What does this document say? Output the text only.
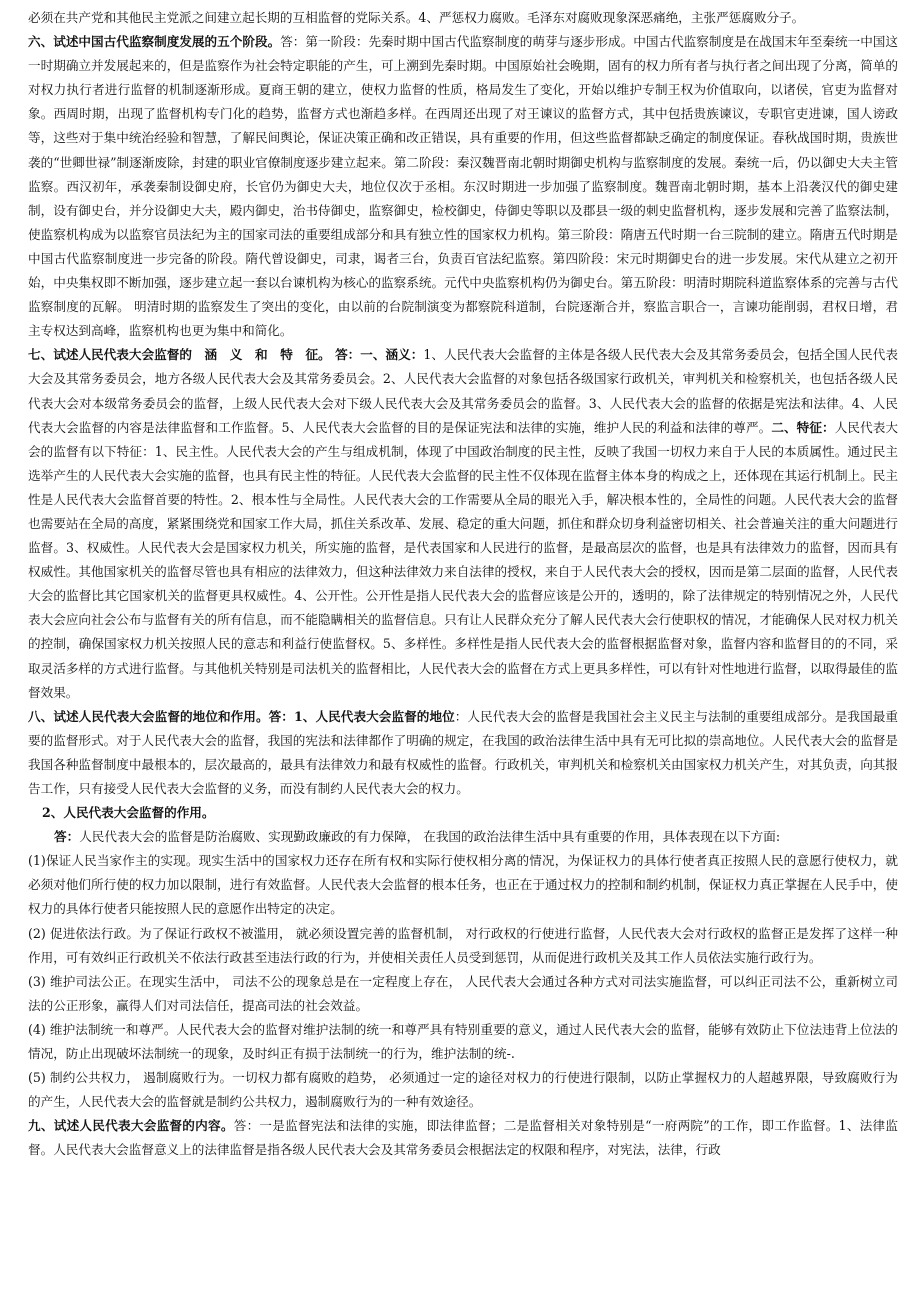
必须在共产党和其他民主党派之间建立起长期的互相监督的党际关系。4、严惩权力腐败。毛泽东对腐败现象深恶痛绝，主张严惩腐败分子。

六、试述中国古代监察制度发展的五个阶段。答：第一阶段：先秦时期中国古代监察制度的萌芽与逐步形成。中国古代监察制度是在战国末年至秦统一中国这一时期确立并发展起来的，但是监察作为社会特定职能的产生，可上溯到先秦时期。中国原始社会晚期，固有的权力所有者与执行者之间出现了分离，简单的对权力执行者进行监督的机制逐渐形成。夏商王朝的建立，使权力监督的性质，格局发生了变化，开始以维护专制王权为价值取向，以诸侯，官吏为监督对象。西周时期，出现了监督机构专门化的趋势，监督方式也渐趋多样。在西周还出现了对王谏议的监督方式，其中包括贵族谏议，专职官吏进谏，国人谤政等，这些对于集中统治经验和智慧，了解民间舆论，保证决策正确和改正错误，具有重要的作用，但这些监督都缺乏确定的制度保证。春秋战国时期，贵族世袭的“世卿世禄”制逐渐废除，封建的职业官僚制度逐步建立起来。第二阶段：秦汉魏晋南北朝时期御史机构与监察制度的发展。秦统一后，仍以御史大夫主管监察。西汉初年，承袭秦制设御史府，长官仍为御史大夫，地位仅次于丞相。东汉时期进一步加强了监察制度。魏晋南北朝时期，基本上沿袭汉代的御史建制，设有御史台，并分设御史大夫，殿内御史，治书侍御史，监察御史，检校御史，侍御史等职以及郡县一级的刺史监督机构，逐步发展和完善了监察法制，使监察机构成为以监察官员法纪为主的国家司法的重要组成部分和具有独立性的国家权力机构。第三阶段：隋唐五代时期一台三院制的建立。隋唐五代时期是中国古代监察制度进一步完备的阶段。隋代曾设御史，司隶，谒者三台，负责百官法纪监察。第四阶段：宋元时期御史台的进一步发展。宋代从建立之初开始，中央集权即不断加强，逐步建立起一套以台谏机构为核心的监察系统。元代中央监察机构仍为御史台。第五阶段：明清时期院科道监察体系的完善与古代监察制度的瓦解。 明清时期的监察发生了突出的变化，由以前的台院制演变为都察院科道制，台院逐渐合并，察监言职合一，言谏功能削弱，君权日增，君主专权达到高峰，监察机构也更为集中和简化。

七、试述人民代表大会监督的　涵　义　和　特　征。 答：一、涵义：1、人民代表大会监督的主体是各级人民代表大会及其常务委员会，包括全国人民代表大会及其常务委员会，地方各级人民代表大会及其常务委员会。2、人民代表大会监督的对象包括各级国家行政机关，审判机关和检察机关，也包括各级人民代表大会对本级常务委员会的监督，上级人民代表大会对下级人民代表大会及其常务委员会的监督。3、人民代表大会的监督的依据是宪法和法律。4、人民代表大会监督的内容是法律监督和工作监督。5、人民代表大会监督的目的是保证宪法和法律的实施，维护人民的利益和法律的尊严。二、特征：人民代表大会的监督有以下特征：1、民主性。人民代表大会的产生与组成机制，体现了中国政治制度的民主性，反映了我国一切权力来自于人民的本质属性。通过民主选举产生的人民代表大会实施的监督，也具有民主性的特征。人民代表大会监督的民主性不仅体现在监督主体本身的构成之上，还体现在其运行机制上。民主性是人民代表大会监督首要的特性。2、根本性与全局性。人民代表大会的工作需要从全局的眼光入手，解决根本性的，全局性的问题。人民代表大会的监督也需要站在全局的高度，紧紧围绕党和国家工作大局，抓住关系改革、发展、稳定的重大问题，抓住和群众切身利益密切相关、社会普遍关注的重大问题进行监督。3、权威性。人民代表大会是国家权力机关，所实施的监督，是代表国家和人民进行的监督，是最高层次的监督，也是具有法律效力的监督，因而具有权威性。其他国家机关的监督尽管也具有相应的法律效力，但这种法律效力来自法律的授权，来自于人民代表大会的授权，因而是第二层面的监督，人民代表大会的监督比其它国家机关的监督更具权威性。4、公开性。公开性是指人民代表大会的监督应该是公开的，透明的，除了法律规定的特别情况之外，人民代表大会应向社会公布与监督有关的所有信息，而不能隐瞒相关的监督信息。只有让人民群众充分了解人民代表大会行使职权的情况，才能确保人民对权力机关的控制，确保国家权力机关按照人民的意志和利益行使监督权。5、多样性。多样性是指人民代表大会的监督根据监督对象，监督内容和监督目的的不同，采取灵活多样的方式进行监督。与其他机关特别是司法机关的监督相比，人民代表大会的监督在方式上更具多样性，可以有针对性地进行监督，以取得最佳的监督效果。

八、试述人民代表大会监督的地位和作用。答：1、人民代表大会监督的地位：人民代表大会的监督是我国社会主义民主与法制的重要组成部分。是我国最重要的监督形式。对于人民代表大会的监督，我国的宪法和法律都作了明确的规定，在我国的政治法律生活中具有无可比拟的崇高地位。人民代表大会的监督是我国各种监督制度中最根本的，层次最高的，最具有法律效力和最有权威性的监督。行政机关，审判机关和检察机关由国家权力机关产生，对其负责，向其报告工作，只有接受人民代表大会监督的义务，而没有制约人民代表大会的权力。

2、人民代表大会监督的作用。

答：人民代表大会的监督是防治腐败、实现勤政廉政的有力保障， 在我国的政治法律生活中具有重要的作用，具体表现在以下方面:

(1)保证人民当家作主的实现。现实生活中的国家权力还存在所有权和实际行使权相分离的情况，为保证权力的具体行使者真正按照人民的意愿行使权力，就必须对他们所行使的权力加以限制，进行有效监督。人民代表大会监督的根本任务，也正在于通过权力的控制和制约机制，保证权力真正掌握在人民手中，使权力的具体行使者只能按照人民的意愿作出特定的决定。

(2) 促进依法行政。为了保证行政权不被滥用， 就必须设置完善的监督机制， 对行政权的行使进行监督，人民代表大会对行政权的监督正是发挥了这样一种作用，可有效纠正行政机关不依法行政甚至违法行政的行为，并使相关责任人员受到惩罚，从而促进行政机关及其工作人员依法实施行政行为。

(3) 维护司法公正。在现实生活中， 司法不公的现象总是在一定程度上存在， 人民代表大会通过各种方式对司法实施监督，可以纠正司法不公，重新树立司法的公正形象，赢得人们对司法信任，提高司法的社会效益。

(4) 维护法制统一和尊严。人民代表大会的监督对维护法制的统一和尊严具有特别重要的意义，通过人民代表大会的监督，能够有效防止下位法违背上位法的情况，防止出现破坏法制统一的现象，及时纠正有损于法制统一的行为，维护法制的统-.

(5) 制约公共权力， 遏制腐败行为。一切权力都有腐败的趋势， 必须通过一定的途径对权力的行使进行限制，以防止掌握权力的人超越界限，导致腐败行为的产生，人民代表大会的监督就是制约公共权力，遏制腐败行为的一种有效途径。

九、试述人民代表大会监督的内容。答：一是监督宪法和法律的实施，即法律监督；二是监督相关对象特别是“一府两院”的工作，即工作监督。1、法律监督。人民代表大会监督意义上的法律监督是指各级人民代表大会及其常务委员会根据法定的权限和程序，对宪法，法律，行政
